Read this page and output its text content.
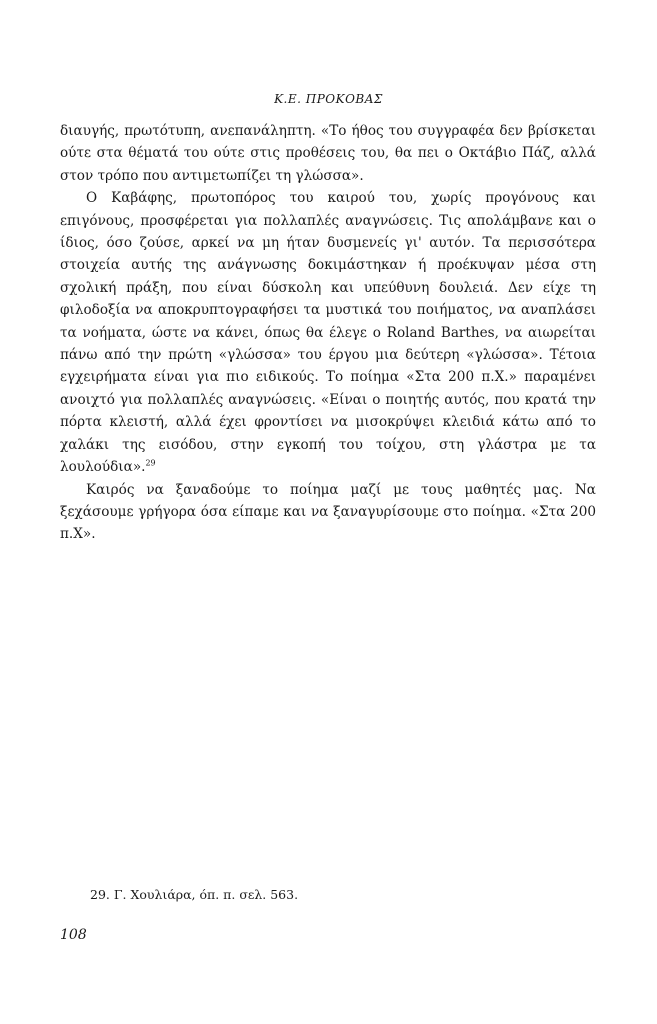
Κ.Ε. ΠΡΟΚΟΒΑΣ

διαυγής, πρωτότυπη, ανεπανάληπτη. «Το ήθος του συγγραφέα δεν βρίσκεται ούτε στα θέματά του ούτε στις προθέσεις του, θα πει ο Οκτάβιο Πάζ, αλλά στον τρόπο που αντιμετωπίζει τη γλώσσα».

Ο Καβάφης, πρωτοπόρος του καιρού του, χωρίς προγόνους και επιγόνους, προσφέρεται για πολλαπλές αναγνώσεις. Τις απολάμβανε και ο ίδιος, όσο ζούσε, αρκεί να μη ήταν δυσμενείς γι' αυτόν. Τα περισσότερα στοιχεία αυτής της ανάγνωσης δοκιμάστηκαν ή προέκυψαν μέσα στη σχολική πράξη, που είναι δύσκολη και υπεύθυνη δουλειά. Δεν είχε τη φιλοδοξία να αποκρυπτογραφήσει τα μυστικά του ποιήματος, να αναπλάσει τα νοήματα, ώστε να κάνει, όπως θα έλεγε ο Roland Barthes, να αιωρείται πάνω από την πρώτη «γλώσσα» του έργου μια δεύτερη «γλώσσα». Τέτοια εγχειρήματα είναι για πιο ειδικούς. Το ποίημα «Στα 200 π.Χ.» παραμένει ανοιχτό για πολλαπλές αναγνώσεις. «Είναι ο ποιητής αυτός, που κρατά την πόρτα κλειστή, αλλά έχει φροντίσει να μισοκρύψει κλειδιά κάτω από το χαλάκι της εισόδου, στην εγκοπή του τοίχου, στη γλάστρα με τα λουλούδια».$^{29}$

Καιρός να ξαναδούμε το ποίημα μαζί με τους μαθητές μας. Να ξεχάσουμε γρήγορα όσα είπαμε και να ξαναγυρίσουμε στο ποίημα. «Στα 200 π.Χ».

29. Γ. Χουλιάρα, όπ. π. σελ. 563.
108
